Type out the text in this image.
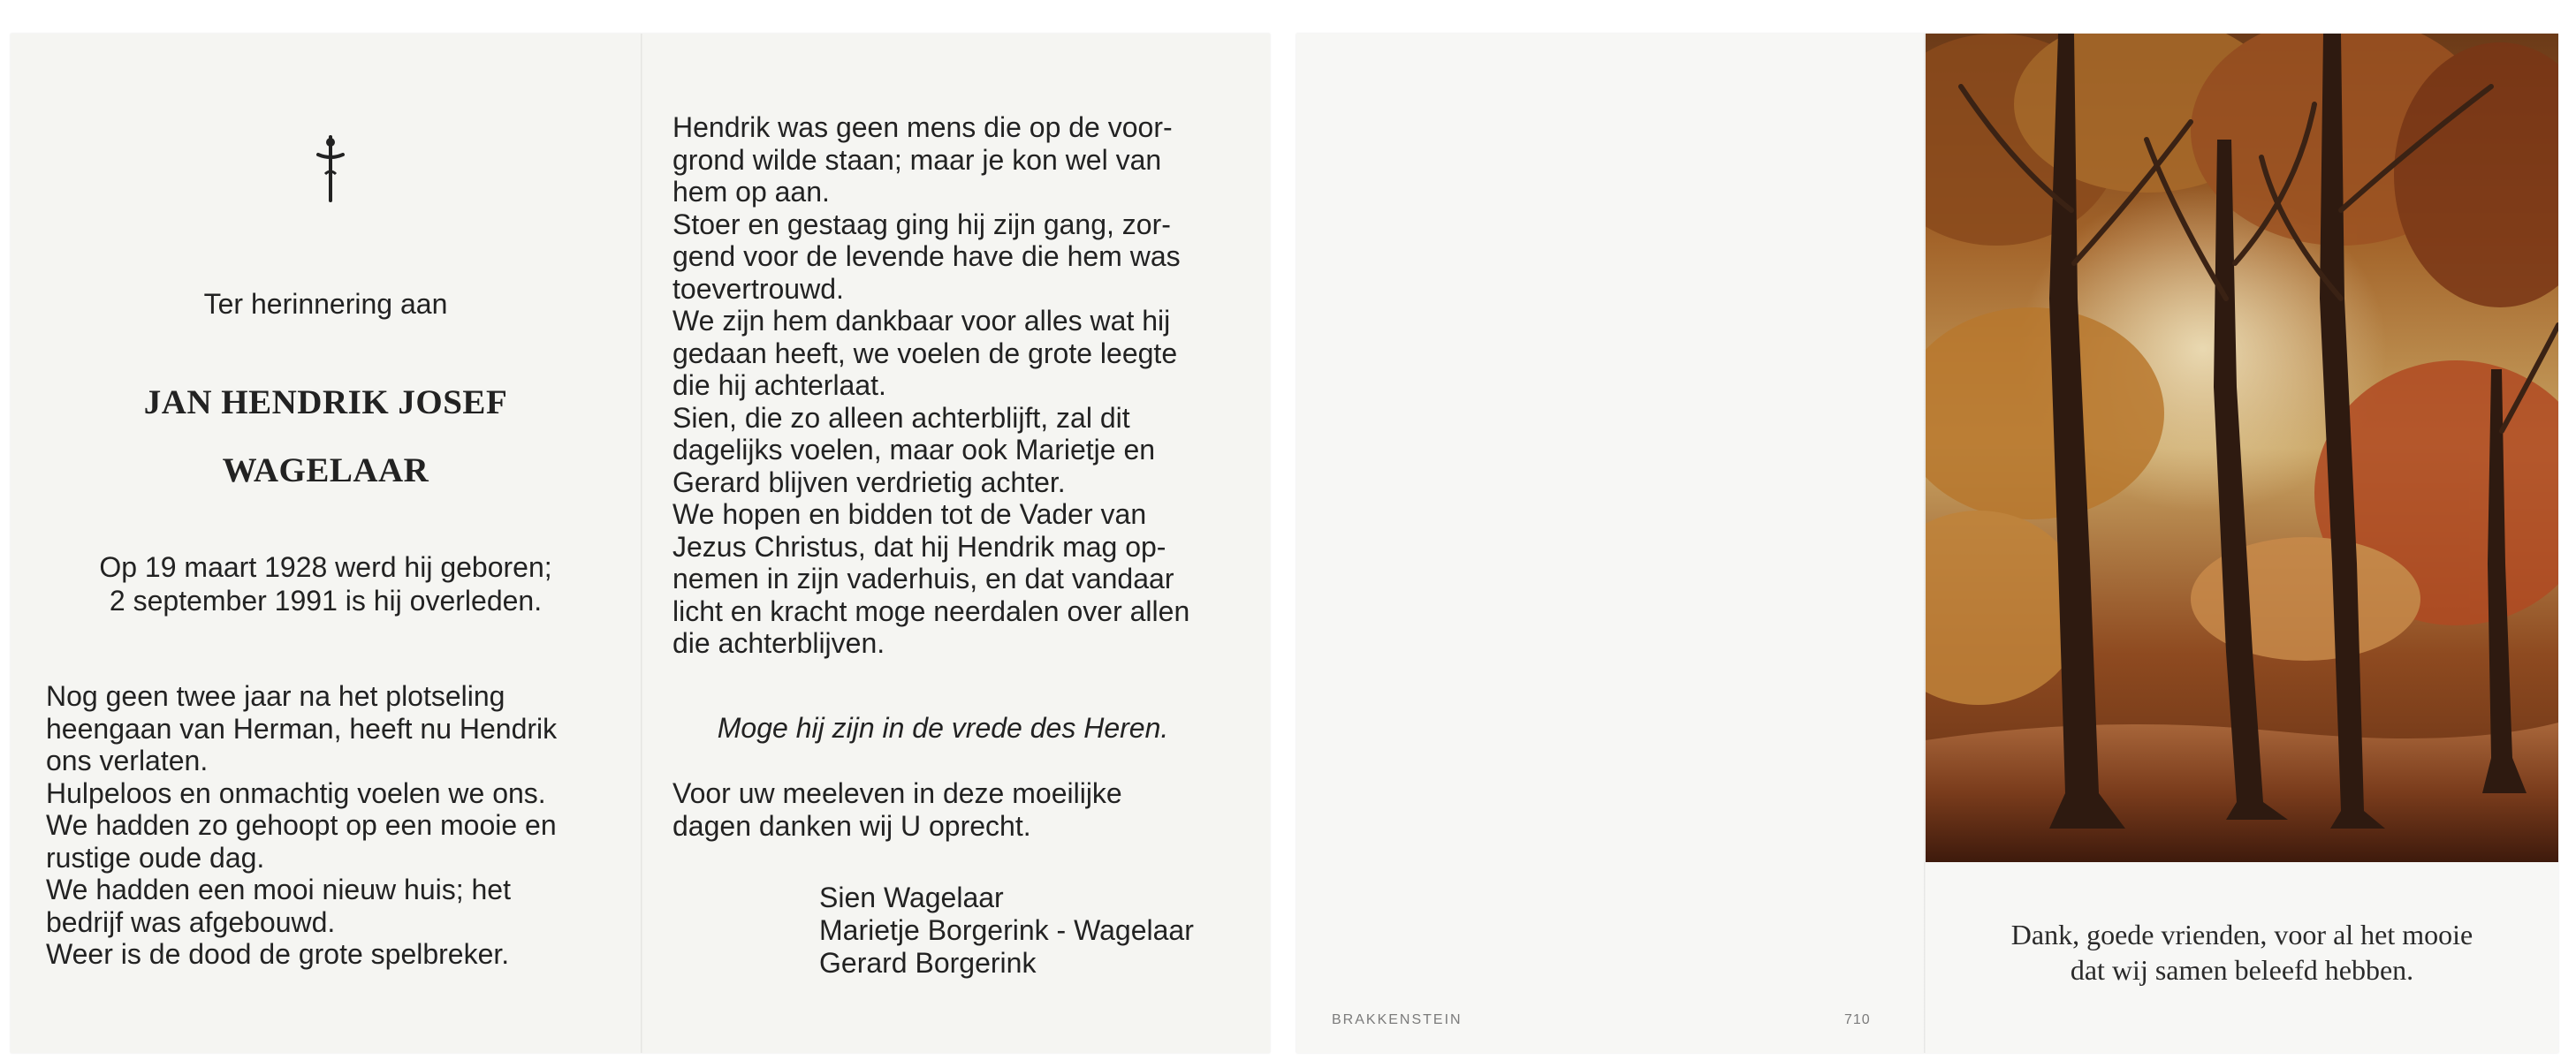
Ter herinnering aan
JAN HENDRIK JOSEF
WAGELAAR
Op 19 maart 1928 werd hij geboren;
2 september 1991 is hij overleden.
Nog geen twee jaar na het plotseling
heengaan van Herman, heeft nu Hendrik
ons verlaten.
Hulpeloos en onmachtig voelen we ons.
We hadden zo gehoopt op een mooie en
rustige oude dag.
We hadden een mooi nieuw huis; het
bedrijf was afgebouwd.
Weer is de dood de grote spelbreker.
Hendrik was geen mens die op de voor-
grond wilde staan; maar je kon wel van
hem op aan.
Stoer en gestaag ging hij zijn gang, zor-
gend voor de levende have die hem was
toevertrouwd.
We zijn hem dankbaar voor alles wat hij
gedaan heeft, we voelen de grote leegte
die hij achterlaat.
Sien, die zo alleen achterblijft, zal dit
dagelijks voelen, maar ook Marietje en
Gerard blijven verdrietig achter.
We hopen en bidden tot de Vader van
Jezus Christus, dat hij Hendrik mag op-
nemen in zijn vaderhuis, en dat vandaar
licht en kracht moge neerdalen over allen
die achterblijven.
Moge hij zijn in de vrede des Heren.
Voor uw meeleven in deze moeilijke
dagen danken wij U oprecht.
Sien Wagelaar
Marietje Borgerink - Wagelaar
Gerard Borgerink
BRAKKENSTEIN	710
Dank, goede vrienden, voor al het mooie
dat wij samen beleefd hebben.
